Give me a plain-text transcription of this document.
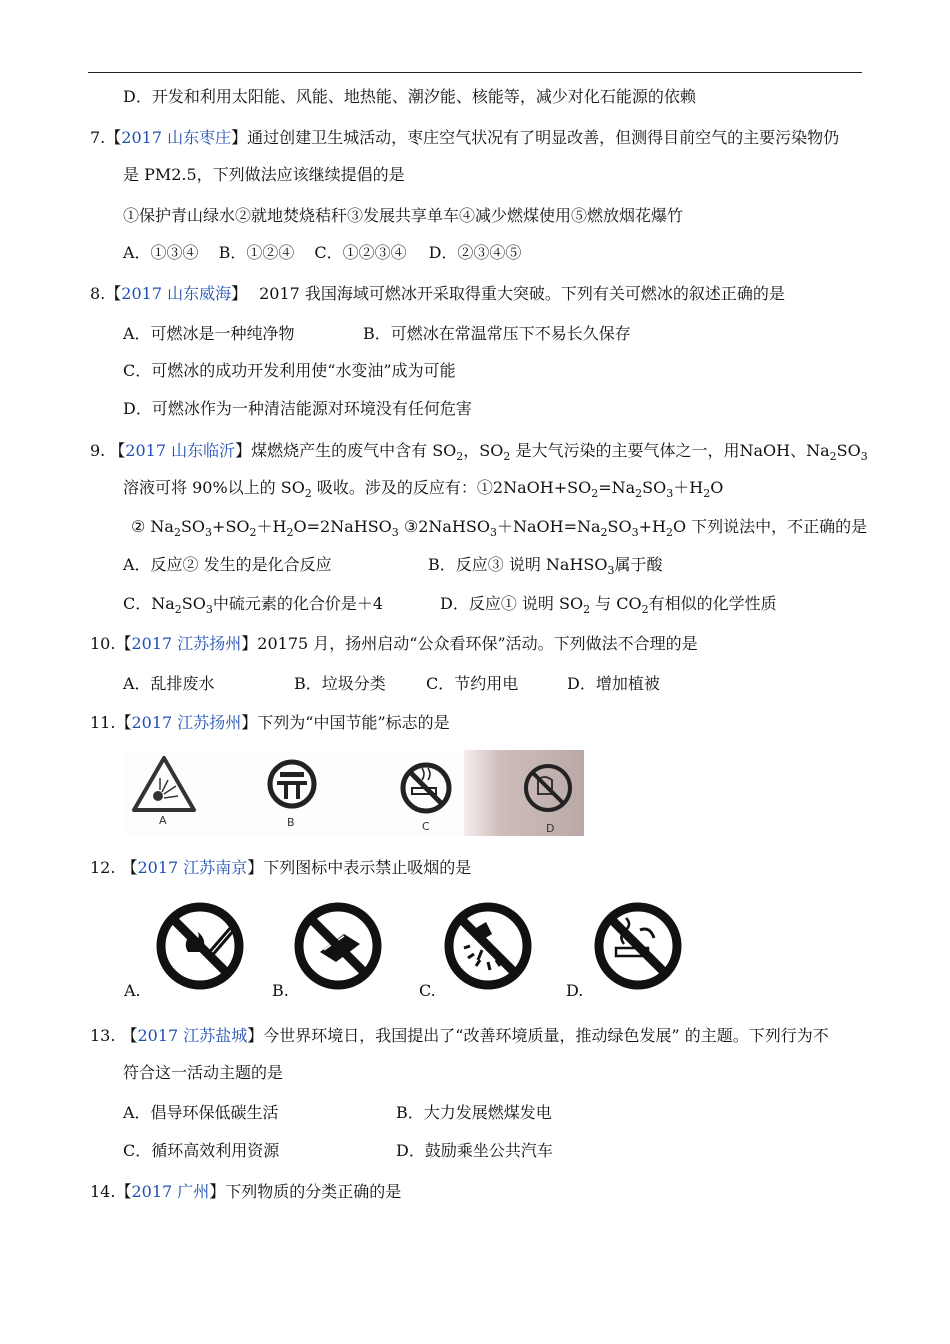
D．开发和利用太阳能、风能、地热能、潮汐能、核能等，减少对化石能源的依赖
7.【2017 山东枣庄】通过创建卫生城活动，枣庄空气状况有了明显改善，但测得目前空气的主要污染物仍
是 PM2.5，下列做法应该继续提倡的是
①保护青山绿水②就地焚烧秸秆③发展共享单车④减少燃煤使用⑤燃放烟花爆竹
A．①③④ B．①②④ C．①②③④ D．②③④⑤
8.【2017 山东威海】 2017 我国海域可燃冰开采取得重大突破。下列有关可燃冰的叙述正确的是
A．可燃冰是一种纯净物	B．可燃冰在常温常压下不易长久保存
C．可燃冰的成功开发利用使“水变油”成为可能
D．可燃冰作为一种清洁能源对环境没有任何危害
9. 【2017 山东临沂】煤燃烧产生的废气中含有 $SO_2$，$SO_2$ 是大气污染的主要气体之一，用NaOH、$Na_2SO_3$
溶液可将 90%以上的 $SO_2$ 吸收。涉及的反应有：$①2NaOH+SO_2=Na_2SO_3+H_2O$
② $Na_2SO_3+SO_2+H_2O=2NaHSO_3$ $③2NaHSO_3+NaOH=Na_2SO_3+H_2O$ 下列说法中，不正确的是
A．反应② 发生的是化合反应	B．反应③ 说明 NaHSO$_3$属于酸
C．$Na_2SO_3$中硫元素的化合价是＋4	D．反应① 说明 $SO_2$ 与 $CO_2$有相似的化学性质
10.【2017 江苏扬州】20175 月，扬州启动“公众看环保”活动。下列做法不合理的是
A．乱排废水	B．垃圾分类	C．节约用电	D．增加植被
11.【2017 江苏扬州】下列为“中国节能”标志的是
A	B	C	D
12. 【2017 江苏南京】下列图标中表示禁止吸烟的是
A.	B.	C.	D.
13. 【2017 江苏盐城】今世界环境日，我国提出了“改善环境质量，推动绿色发展” 的主题。下列行为不
符合这一活动主题的是
A．倡导环保低碳生活	B．大力发展燃煤发电
C．循环高效利用资源	D．鼓励乘坐公共汽车
14.【2017 广州】下列物质的分类正确的是
